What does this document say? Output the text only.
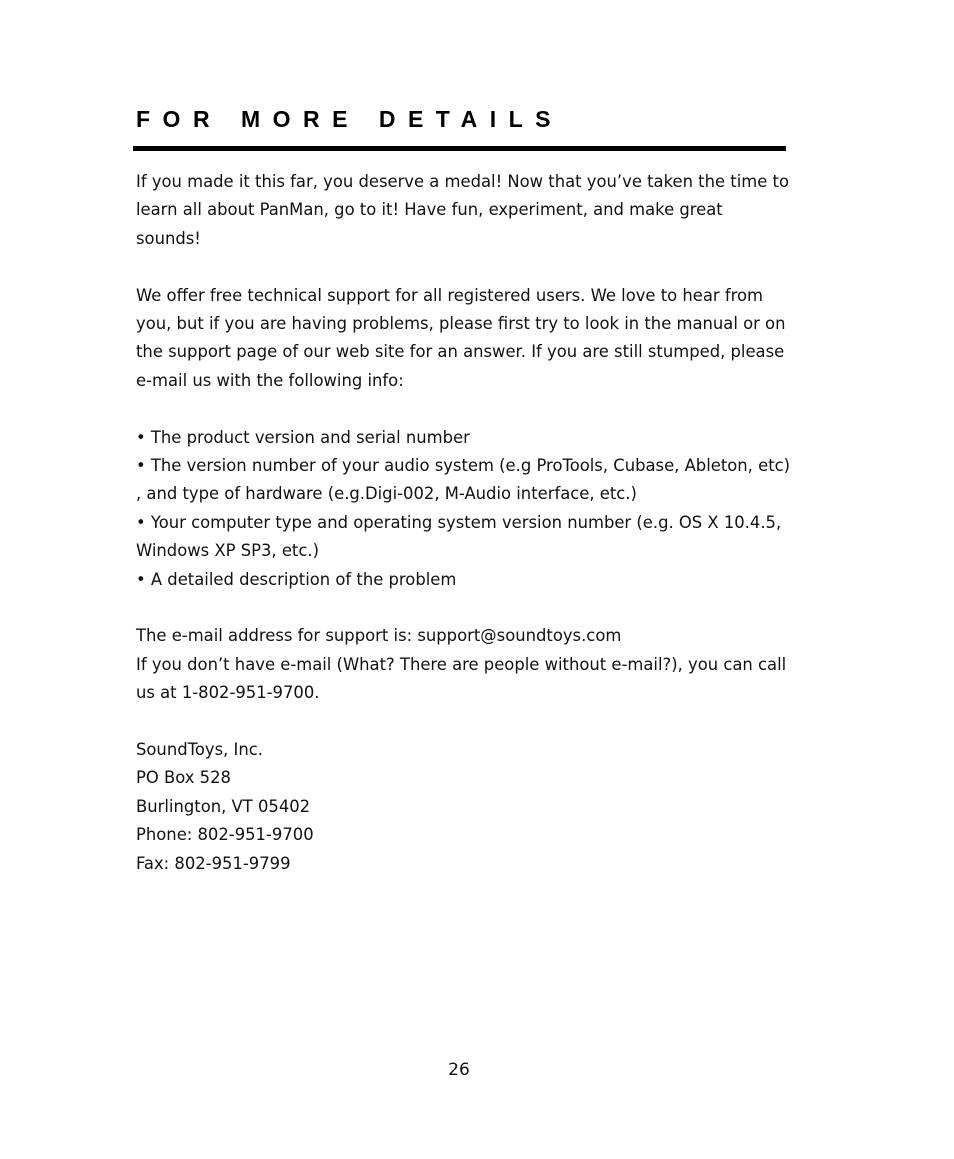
FOR MORE DETAILS

If you made it this far, you deserve a medal! Now that you’ve taken the time to learn all about PanMan, go to it! Have fun, experiment, and make great sounds!

We offer free technical support for all registered users. We love to hear from you, but if you are having problems, please first try to look in the manual or on the support page of our web site for an answer. If you are still stumped, please e-mail us with the following info:

• The product version and serial number

• The version number of your audio system (e.g ProTools, Cubase, Ableton, etc) , and type of hardware (e.g.Digi-002, M-Audio interface, etc.)

• Your computer type and operating system version number (e.g. OS X 10.4.5, Windows XP SP3, etc.)

• A detailed description of the problem

The e-mail address for support is: support@soundtoys.com

If you don’t have e-mail (What? There are people without e-mail?), you can call us at 1-802-951-9700.

SoundToys, Inc.

PO Box 528

Burlington, VT 05402

Phone: 802-951-9700

Fax: 802-951-9799

26
